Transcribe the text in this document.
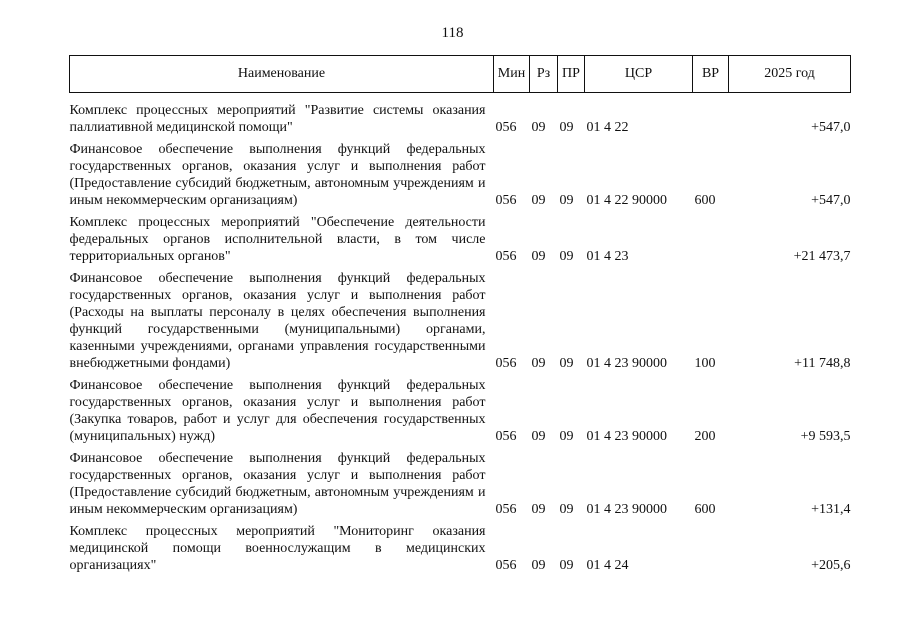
118
Наименование	Мин	Рз	ПР	ЦСР	ВР	2025 год
Комплекс процессных мероприятий "Развитие системы оказания паллиативной медицинской помощи"	056	09	09	01 4 22		+547,0
Финансовое обеспечение выполнения функций федеральных государственных органов, оказания услуг и выполнения работ (Предоставление субсидий бюджетным, автономным учреждениям и иным некоммерческим организациям)	056	09	09	01 4 22 90000	600	+547,0
Комплекс процессных мероприятий "Обеспечение деятельности федеральных органов исполнительной власти, в том числе территориальных органов"	056	09	09	01 4 23		+21 473,7
Финансовое обеспечение выполнения функций федеральных государственных органов, оказания услуг и выполнения работ (Расходы на выплаты персоналу в целях обеспечения выполнения функций государственными (муниципальными) органами, казенными учреждениями, органами управления государственными внебюджетными фондами)	056	09	09	01 4 23 90000	100	+11 748,8
Финансовое обеспечение выполнения функций федеральных государственных органов, оказания услуг и выполнения работ (Закупка товаров, работ и услуг для обеспечения государственных (муниципальных) нужд)	056	09	09	01 4 23 90000	200	+9 593,5
Финансовое обеспечение выполнения функций федеральных государственных органов, оказания услуг и выполнения работ (Предоставление субсидий бюджетным, автономным учреждениям и иным некоммерческим организациям)	056	09	09	01 4 23 90000	600	+131,4
Комплекс процессных мероприятий "Мониторинг оказания медицинской помощи военнослужащим в медицинских организациях"	056	09	09	01 4 24		+205,6
